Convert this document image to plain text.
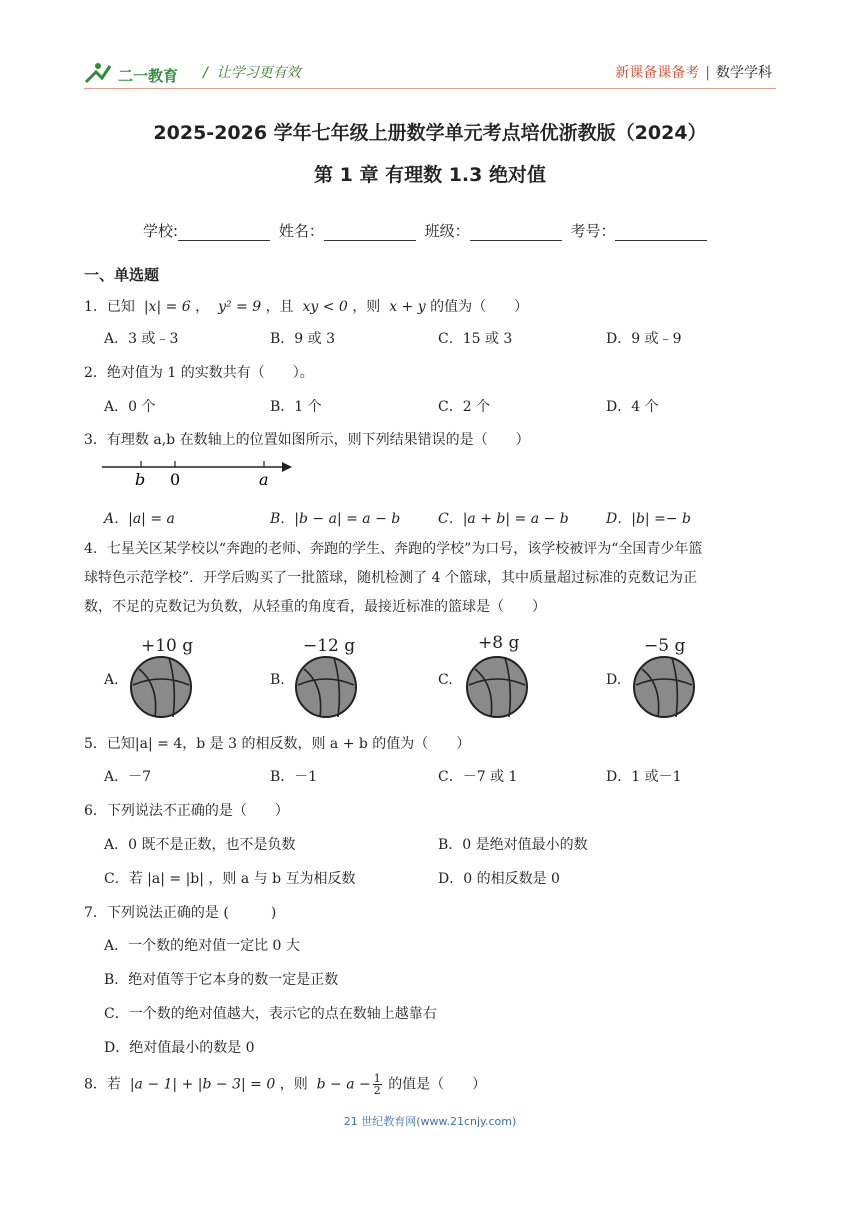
二一教育 / 让学习更有效	新课备课备考 | 数学学科
2025-2026 学年七年级上册数学单元考点培优浙教版（2024）
第 1 章 有理数 1.3 绝对值
学校:	姓名：	班级：	考号：
一、单选题
1．已知 |x| = 6 ， y² = 9 ，且 xy < 0 ，则 x + y 的值为（　　）
A．3 或﹣3	B．9 或 3	C．15 或 3	D．9 或﹣9
2．绝对值为 1 的实数共有（　　）。
A．0 个	B．1 个	C．2 个	D．4 个
3．有理数 a,b 在数轴上的位置如图所示，则下列结果错误的是（　　）
b 0	a
A．|a| = a	B．|b − a| = a − b	C．|a + b| = a − b	D．|b| =− b
4．七星关区某学校以“奔跑的老师、奔跑的学生、奔跑的学校”为口号，该学校被评为“全国青少年篮
球特色示范学校”．开学后购买了一批篮球，随机检测了 4 个篮球，其中质量超过标准的克数记为正
数，不足的克数记为负数，从轻重的角度看，最接近标准的篮球是（　　）
A.	B.	C.	D.
+10 g	−12 g	+8 g	−5 g
5．已知|a| = 4，b 是 3 的相反数，则 a + b 的值为（　　）
A．－7	B．－1	C．－7 或 1	D．1 或－1
6．下列说法不正确的是（　　）
A．0 既不是正数，也不是负数	B．0 是绝对值最小的数
C．若 |a| = |b| ，则 a 与 b 互为相反数	D．0 的相反数是 0
7．下列说法正确的是 (　　　)
A．一个数的绝对值一定比 0 大
B．绝对值等于它本身的数一定是正数
C．一个数的绝对值越大，表示它的点在数轴上越靠右
D．绝对值最小的数是 0
8．若 |a − 1| + |b − 3| = 0 ，则 $b - a - \frac{1}{2}$ 的值是（　　）
21 世纪教育网(www.21cnjy.com)
